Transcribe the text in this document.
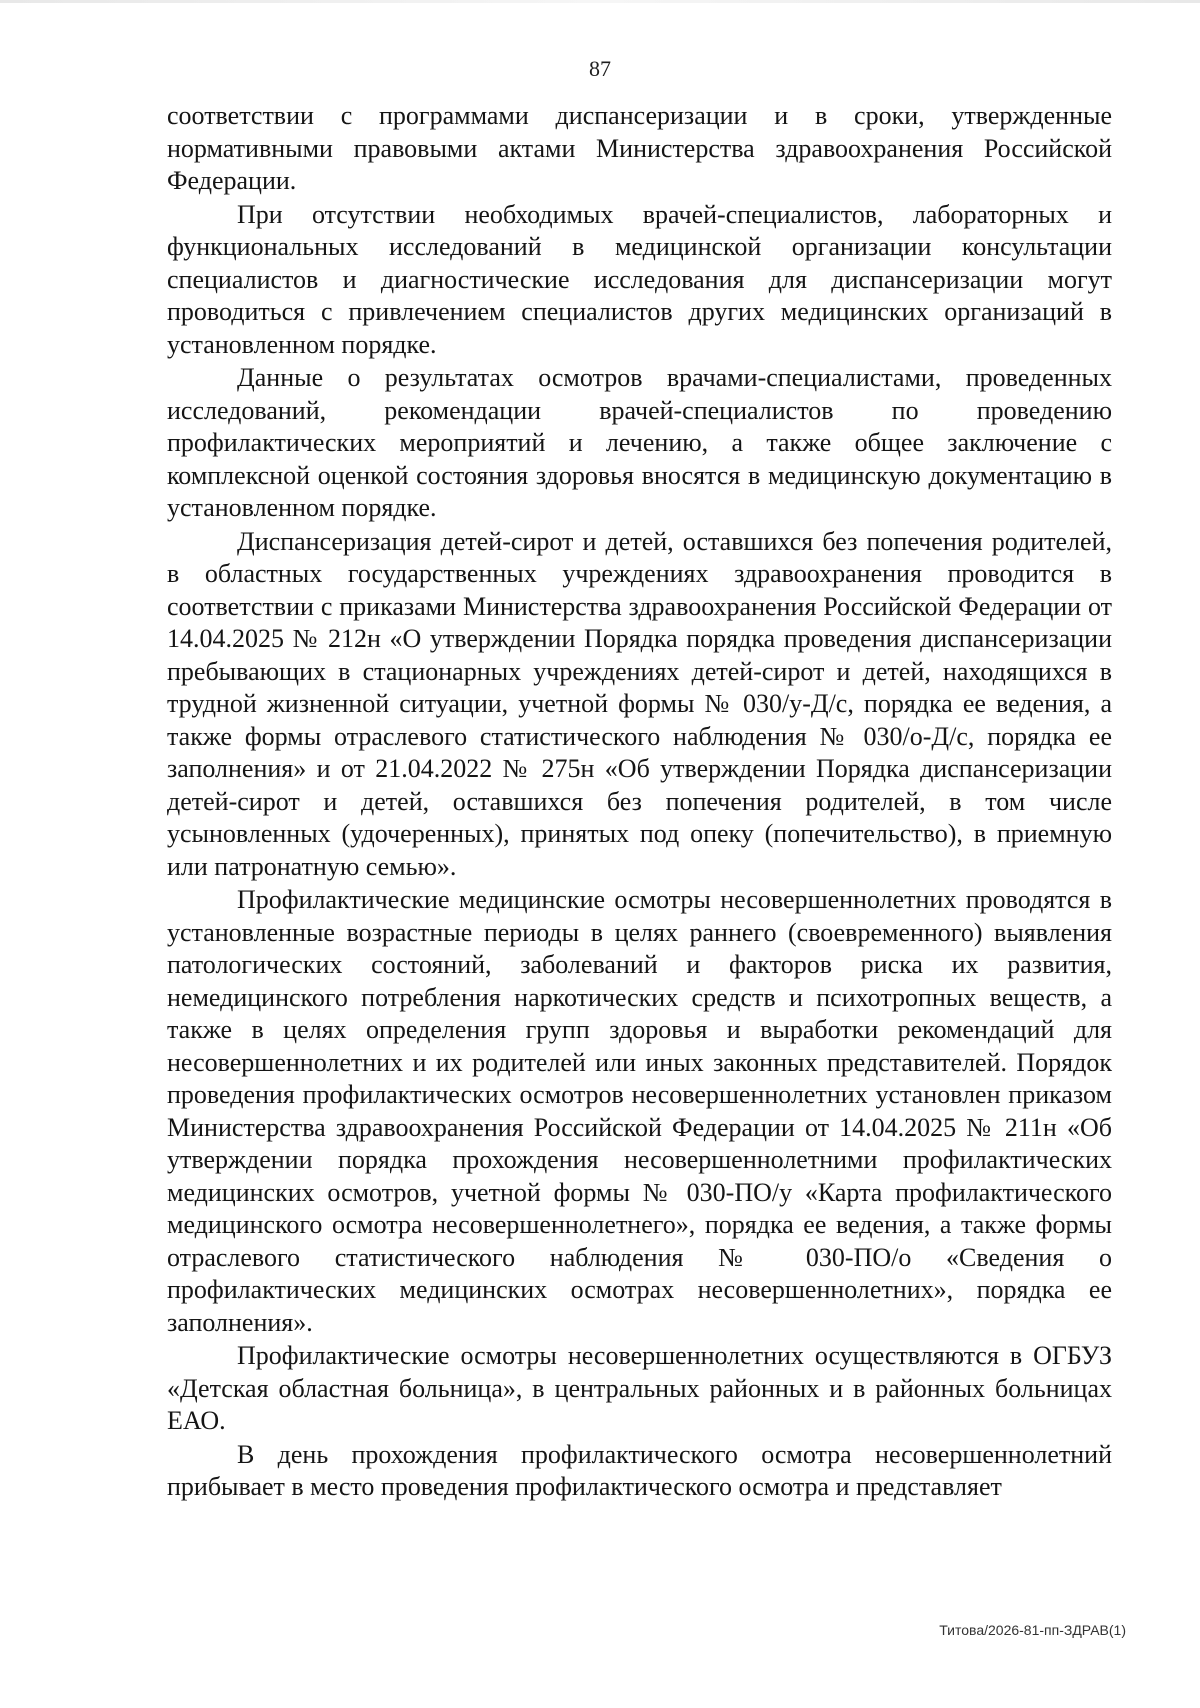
87

соответствии с программами диспансеризации и в сроки, утвержденные нормативными правовыми актами Министерства здравоохранения Российской Федерации.

При отсутствии необходимых врачей-специалистов, лабораторных и функциональных исследований в медицинской организации консультации специалистов и диагностические исследования для диспансеризации могут проводиться с привлечением специалистов других медицинских организаций в установленном порядке.

Данные о результатах осмотров врачами-специалистами, проведенных исследований, рекомендации врачей-специалистов по проведению профилактических мероприятий и лечению, а также общее заключение с комплексной оценкой состояния здоровья вносятся в медицинскую документацию в установленном порядке.

Диспансеризация детей-сирот и детей, оставшихся без попечения родителей, в областных государственных учреждениях здравоохранения проводится в соответствии с приказами Министерства здравоохранения Российской Федерации от 14.04.2025 № 212н «О утверждении Порядка порядка проведения диспансеризации пребывающих в стационарных учреждениях детей-сирот и детей, находящихся в трудной жизненной ситуации, учетной формы № 030/у-Д/с, порядка ее ведения, а также формы отраслевого статистического наблюдения № 030/о-Д/с, порядка ее заполнения» и от 21.04.2022 № 275н «Об утверждении Порядка диспансеризации детей-сирот и детей, оставшихся без попечения родителей, в том числе усыновленных (удочеренных), принятых под опеку (попечительство), в приемную или патронатную семью».

Профилактические медицинские осмотры несовершеннолетних проводятся в установленные возрастные периоды в целях раннего (своевременного) выявления патологических состояний, заболеваний и факторов риска их развития, немедицинского потребления наркотических средств и психотропных веществ, а также в целях определения групп здоровья и выработки рекомендаций для несовершеннолетних и их родителей или иных законных представителей. Порядок проведения профилактических осмотров несовершеннолетних установлен приказом Министерства здравоохранения Российской Федерации от 14.04.2025 № 211н «Об утверждении порядка прохождения несовершеннолетними профилактических медицинских осмотров, учетной формы № 030-ПО/у «Карта профилактического медицинского осмотра несовершеннолетнего», порядка ее ведения, а также формы отраслевого статистического наблюдения № 030-ПО/о «Сведения о профилактических медицинских осмотрах несовершеннолетних», порядка ее заполнения».

Профилактические осмотры несовершеннолетних осуществляются в ОГБУЗ «Детская областная больница», в центральных районных и в районных больницах ЕАО.

В день прохождения профилактического осмотра несовершеннолетний прибывает в место проведения профилактического осмотра и представляет

Титова/2026-81-пп-ЗДРАВ(1)
